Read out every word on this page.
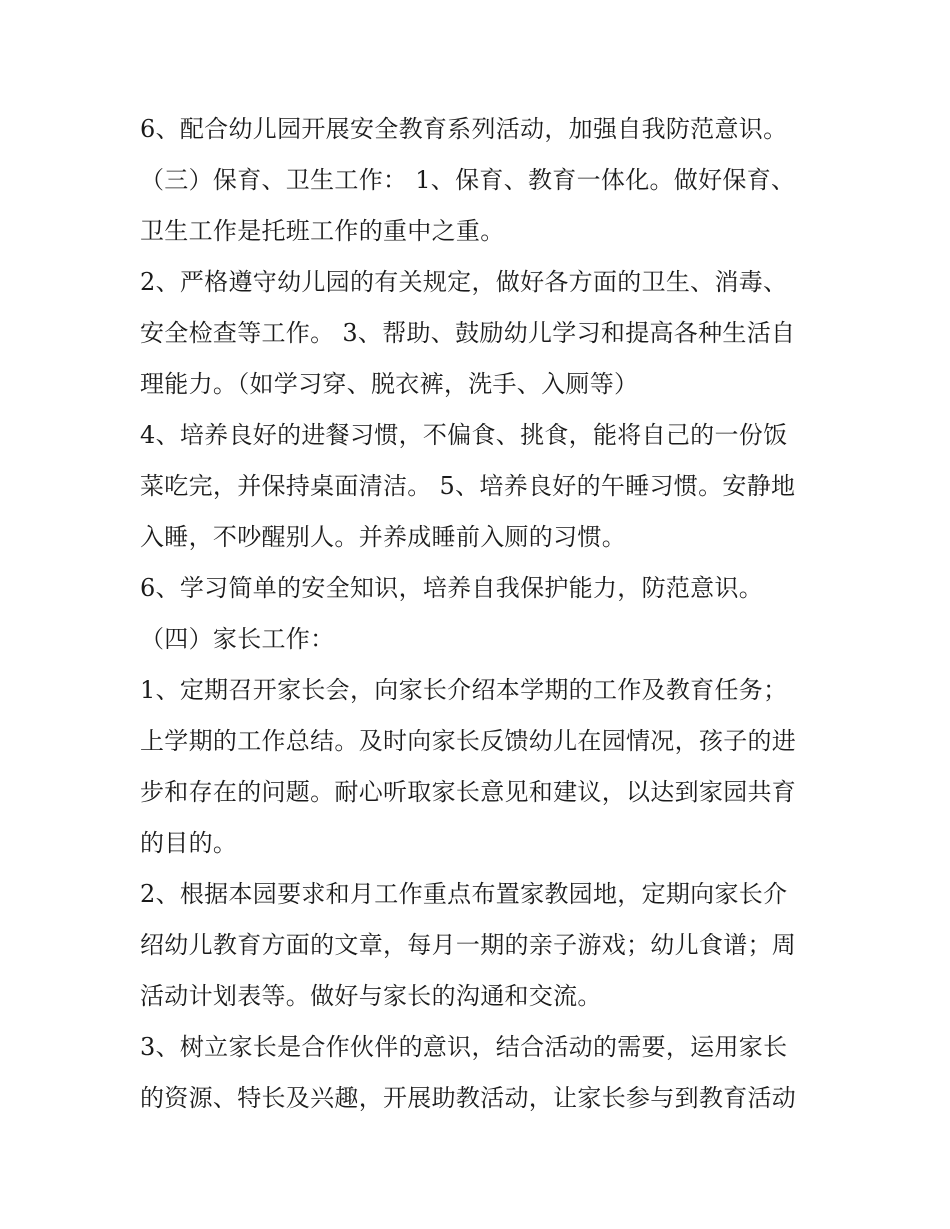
6、配合幼儿园开展安全教育系列活动，加强自我防范意识。
（三）保育、卫生工作： 1、保育、教育一体化。做好保育、
卫生工作是托班工作的重中之重。
2、严格遵守幼儿园的有关规定，做好各方面的卫生、消毒、
安全检查等工作。 3、帮助、鼓励幼儿学习和提高各种生活自
理能力。（如学习穿、脱衣裤，洗手、入厕等）
4、培养良好的进餐习惯，不偏食、挑食，能将自己的一份饭
菜吃完，并保持桌面清洁。 5、培养良好的午睡习惯。安静地
入睡，不吵醒别人。并养成睡前入厕的习惯。
6、学习简单的安全知识，培养自我保护能力，防范意识。
（四）家长工作：
1、定期召开家长会，向家长介绍本学期的工作及教育任务；
上学期的工作总结。及时向家长反馈幼儿在园情况，孩子的进
步和存在的问题。耐心听取家长意见和建议，以达到家园共育
的目的。
2、根据本园要求和月工作重点布置家教园地，定期向家长介
绍幼儿教育方面的文章，每月一期的亲子游戏；幼儿食谱；周
活动计划表等。做好与家长的沟通和交流。
3、树立家长是合作伙伴的意识，结合活动的需要，运用家长
的资源、特长及兴趣，开展助教活动，让家长参与到教育活动
